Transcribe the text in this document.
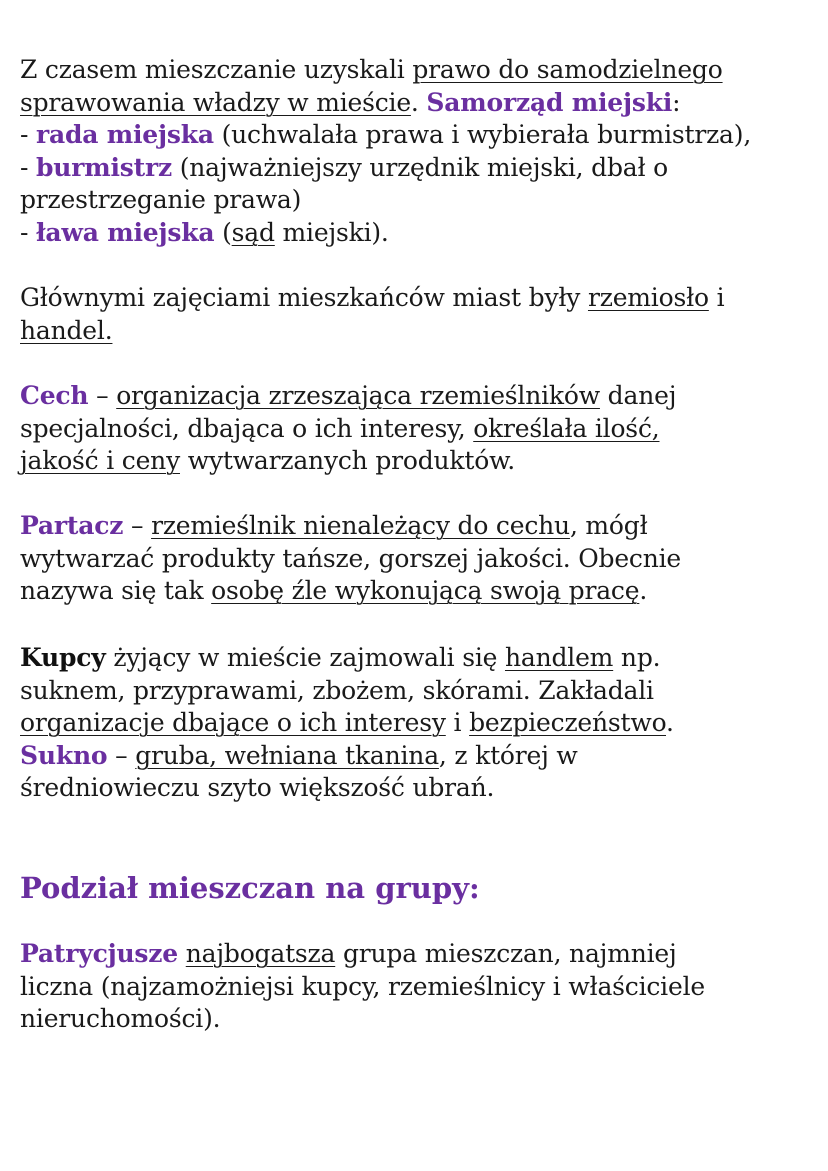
Z czasem mieszczanie uzyskali prawo do samodzielnego
sprawowania władzy w mieście. Samorząd miejski:
- rada miejska (uchwalała prawa i wybierała burmistrza),
- burmistrz (najważniejszy urzędnik miejski, dbał o
przestrzeganie prawa)
- ława miejska (sąd miejski).

Głównymi zajęciami mieszkańców miast były rzemiosło i
handel.

Cech – organizacja zrzeszająca rzemieślników danej
specjalności, dbająca o ich interesy, określała ilość,
jakość i ceny wytwarzanych produktów.

Partacz – rzemieślnik nienależący do cechu, mógł
wytwarzać produkty tańsze, gorszej jakości. Obecnie
nazywa się tak osobę źle wykonującą swoją pracę.

Kupcy żyjący w mieście zajmowali się handlem np.
suknem, przyprawami, zbożem, skórami. Zakładali
organizacje dbające o ich interesy i bezpieczeństwo.
Sukno – gruba, wełniana tkanina, z której w
średniowieczu szyto większość ubrań.

Podział mieszczan na grupy:

Patrycjusze najbogatsza grupa mieszczan, najmniej
liczna (najzamożniejsi kupcy, rzemieślnicy i właściciele
nieruchomości).
